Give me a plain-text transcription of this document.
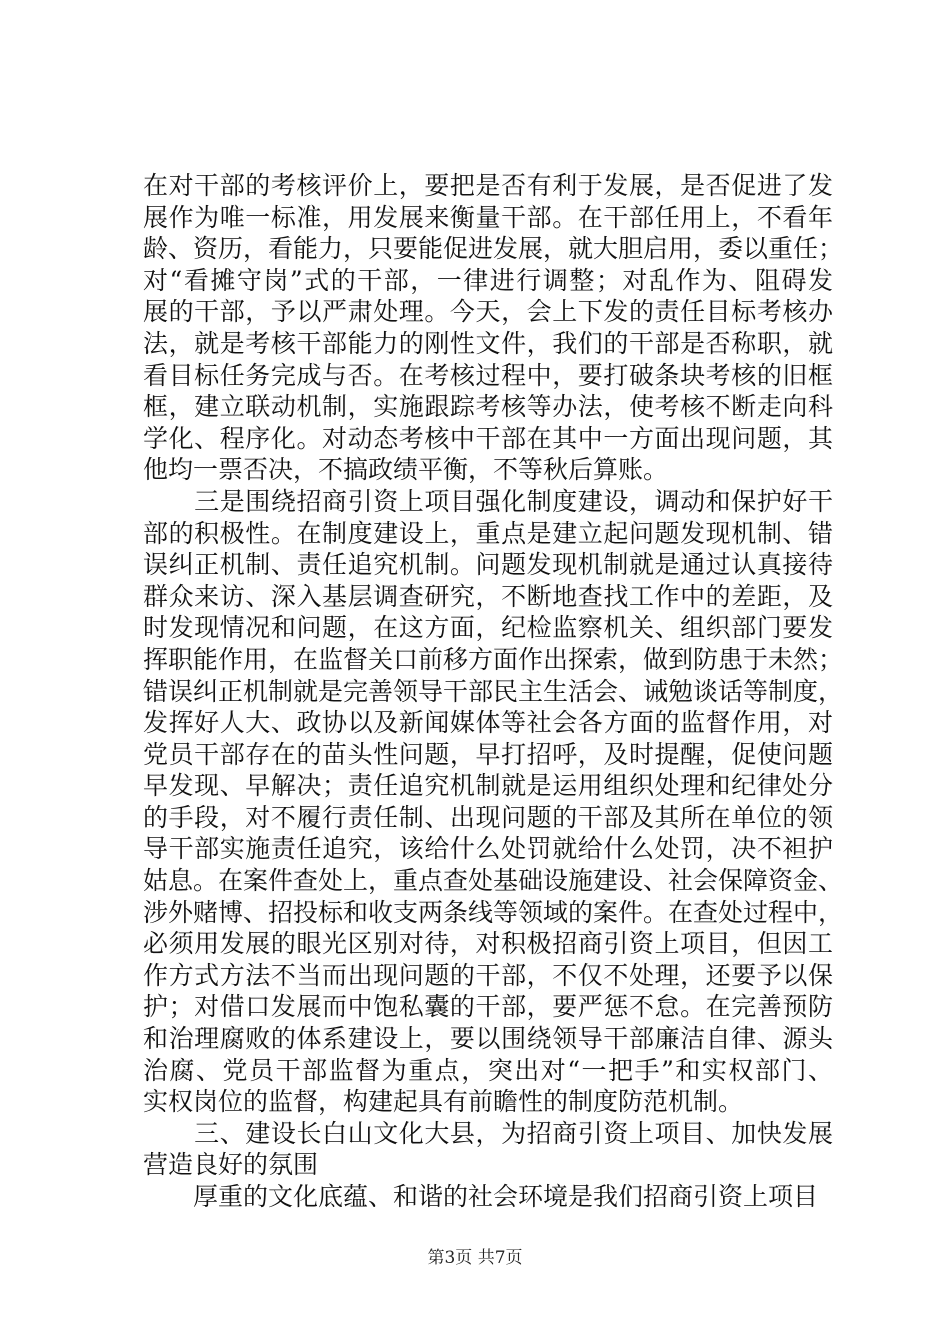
在对干部的考核评价上，要把是否有利于发展，是否促进了发
展作为唯一标准，用发展来衡量干部。在干部任用上，不看年
龄、资历，看能力，只要能促进发展，就大胆启用，委以重任；
对“看摊守岗”式的干部，一律进行调整；对乱作为、阻碍发
展的干部，予以严肃处理。今天，会上下发的责任目标考核办
法，就是考核干部能力的刚性文件，我们的干部是否称职，就
看目标任务完成与否。在考核过程中，要打破条块考核的旧框
框，建立联动机制，实施跟踪考核等办法，使考核不断走向科
学化、程序化。对动态考核中干部在其中一方面出现问题，其
他均一票否决，不搞政绩平衡，不等秋后算账。
　　三是围绕招商引资上项目强化制度建设，调动和保护好干
部的积极性。在制度建设上，重点是建立起问题发现机制、错
误纠正机制、责任追究机制。问题发现机制就是通过认真接待
群众来访、深入基层调查研究，不断地查找工作中的差距，及
时发现情况和问题，在这方面，纪检监察机关、组织部门要发
挥职能作用，在监督关口前移方面作出探索，做到防患于未然；
错误纠正机制就是完善领导干部民主生活会、诫勉谈话等制度，
发挥好人大、政协以及新闻媒体等社会各方面的监督作用，对
党员干部存在的苗头性问题，早打招呼，及时提醒，促使问题
早发现、早解决；责任追究机制就是运用组织处理和纪律处分
的手段，对不履行责任制、出现问题的干部及其所在单位的领
导干部实施责任追究，该给什么处罚就给什么处罚，决不袒护
姑息。在案件查处上，重点查处基础设施建设、社会保障资金、
涉外赌博、招投标和收支两条线等领域的案件。在查处过程中，
必须用发展的眼光区别对待，对积极招商引资上项目，但因工
作方式方法不当而出现问题的干部，不仅不处理，还要予以保
护；对借口发展而中饱私囊的干部，要严惩不怠。在完善预防
和治理腐败的体系建设上，要以围绕领导干部廉洁自律、源头
治腐、党员干部监督为重点，突出对“一把手”和实权部门、
实权岗位的监督，构建起具有前瞻性的制度防范机制。
　　三、建设长白山文化大县，为招商引资上项目、加快发展
营造良好的氛围
　　厚重的文化底蕴、和谐的社会环境是我们招商引资上项目
第3页 共7页
